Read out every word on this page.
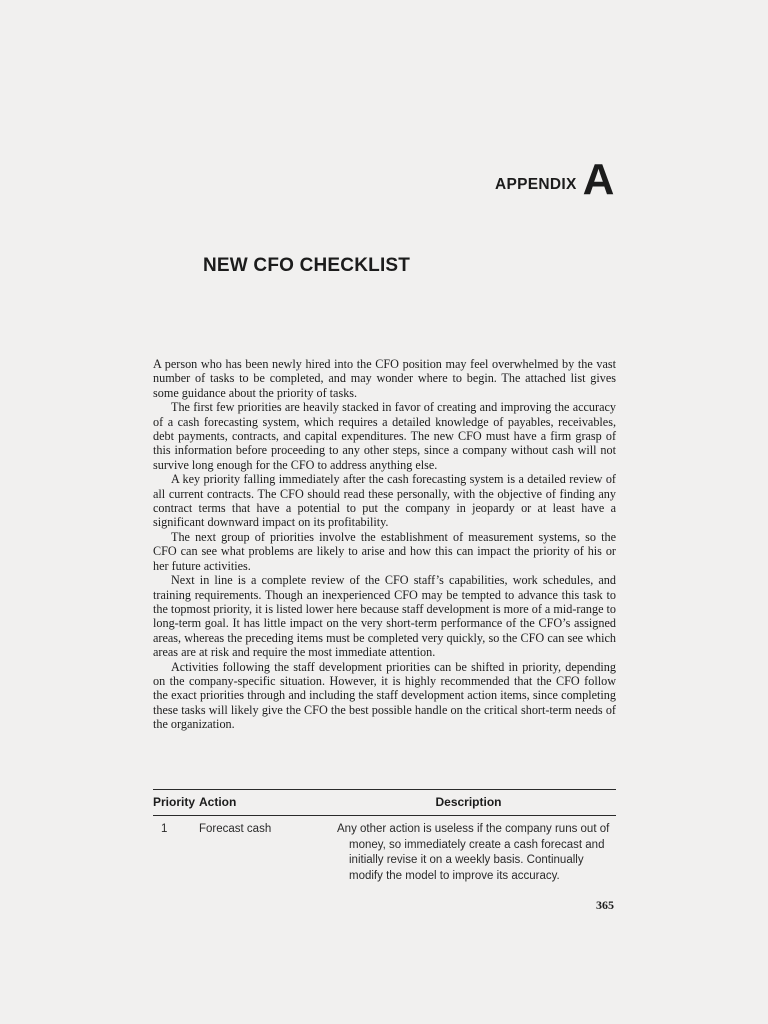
APPENDIX A
NEW CFO CHECKLIST

A person who has been newly hired into the CFO position may feel overwhelmed by the vast number of tasks to be completed, and may wonder where to begin. The attached list gives some guidance about the priority of tasks.

The first few priorities are heavily stacked in favor of creating and improving the accuracy of a cash forecasting system, which requires a detailed knowledge of payables, receivables, debt payments, contracts, and capital expenditures. The new CFO must have a firm grasp of this information before proceeding to any other steps, since a company without cash will not survive long enough for the CFO to address anything else.

A key priority falling immediately after the cash forecasting system is a detailed review of all current contracts. The CFO should read these personally, with the objective of finding any contract terms that have a potential to put the company in jeopardy or at least have a significant downward impact on its profitability.

The next group of priorities involve the establishment of measurement systems, so the CFO can see what problems are likely to arise and how this can impact the priority of his or her future activities.

Next in line is a complete review of the CFO staff’s capabilities, work schedules, and training requirements. Though an inexperienced CFO may be tempted to advance this task to the topmost priority, it is listed lower here because staff development is more of a mid-range to long-term goal. It has little impact on the very short-term performance of the CFO’s assigned areas, whereas the preceding items must be completed very quickly, so the CFO can see which areas are at risk and require the most immediate attention.

Activities following the staff development priorities can be shifted in priority, depending on the company-specific situation. However, it is highly recommended that the CFO follow the exact priorities through and including the staff development action items, since completing these tasks will likely give the CFO the best possible handle on the critical short-term needs of the organization.

Priority	Action	Description
1	Forecast cash	Any other action is useless if the company runs out of money, so immediately create a cash forecast and initially revise it on a weekly basis. Continually modify the model to improve its accuracy.
365
